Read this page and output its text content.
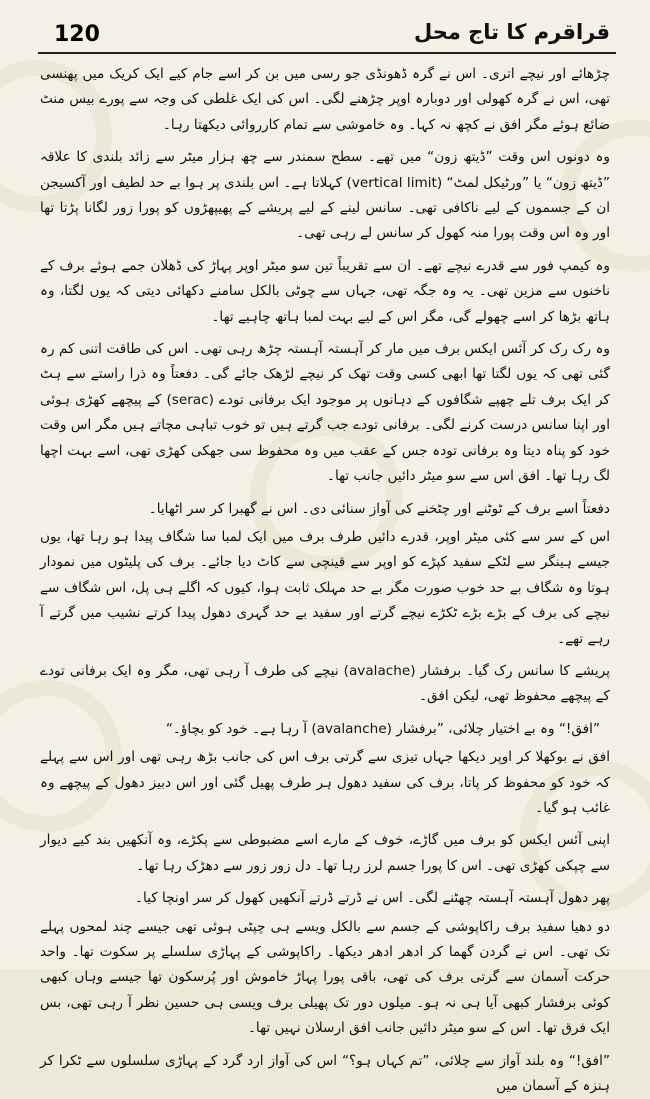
120	قراقرم کا تاج محل

چڑھائے اور نیچے اتری۔ اس نے گرہ ڈھونڈی جو رسی میں بن کر اسے جام کیے ایک کریک میں پھنسی تھی، اس نے گرہ کھولی اور دوبارہ اوپر چڑھنے لگی۔ اس کی ایک غلطی کی وجہ سے پورے بیس منٹ ضائع ہوئے مگر افق نے کچھ نہ کہا۔ وہ خاموشی سے تمام کارروائی دیکھتا رہا۔

وہ دونوں اس وقت ”ڈیتھ زون“ میں تھے۔ سطح سمندر سے چھ ہزار میٹر سے زائد بلندی کا علاقہ ”ڈیتھ زون“ یا ”ورٹیکل لمٹ“ (vertical limit) کہلاتا ہے۔ اس بلندی پر ہوا بے حد لطیف اور آکسیجن ان کے جسموں کے لیے ناکافی تھی۔ سانس لینے کے لیے پریشے کے پھیپھڑوں کو پورا زور لگانا پڑتا تھا اور وہ اس وقت پورا منہ کھول کر سانس لے رہی تھی۔

وہ کیمپ فور سے قدرے نیچے تھے۔ ان سے تقریباً تین سو میٹر اوپر پہاڑ کی ڈھلان جمے ہوئے برف کے ناخنوں سے مزین تھی۔ یہ وہ جگہ تھی، جہاں سے چوٹی بالکل سامنے دکھائی دیتی کہ یوں لگتا، وہ ہاتھ بڑھا کر اسے چھولے گی، مگر اس کے لیے بہت لمبا ہاتھ چاہیے تھا۔

وہ رک رک کر آئس ایکس برف میں مار کر آہستہ آہستہ چڑھ رہی تھی۔ اس کی طاقت اتنی کم رہ گئی تھی کہ یوں لگتا تھا ابھی کسی وقت تھک کر نیچے لڑھک جائے گی۔ دفعتاً وہ ذرا راستے سے ہٹ کر ایک برف تلے چھپے شگافوں کے دہانوں پر موجود ایک برفانی تودے (serac) کے پیچھے کھڑی ہوئی اور اپنا سانس درست کرنے لگی۔ برفانی تودے جب گرتے ہیں تو خوب تباہی مچاتے ہیں مگر اس وقت خود کو پناہ دیتا وہ برفانی تودہ جس کے عقب میں وہ محفوظ سی جھکی کھڑی تھی، اسے بہت اچھا لگ رہا تھا۔ افق اس سے سو میٹر دائیں جانب تھا۔

دفعتاً اسے برف کے ٹوٹنے اور چٹخنے کی آواز سنائی دی۔ اس نے گھبرا کر سر اٹھایا۔

اس کے سر سے کئی میٹر اوپر، قدرے دائیں طرف برف میں ایک لمبا سا شگاف پیدا ہو رہا تھا، یوں جیسے ہینگر سے لٹکے سفید کپڑے کو اوپر سے قینچی سے کاٹ دیا جائے۔ برف کی پلیٹوں میں نمودار ہوتا وہ شگاف بے حد خوب صورت مگر بے حد مہلک ثابت ہوا، کیوں کہ اگلے ہی پل، اس شگاف سے نیچے کی برف کے بڑے بڑے ٹکڑے نیچے گرتے اور سفید بے حد گہری دھول پیدا کرتے نشیب میں گرتے آ رہے تھے۔

پریشے کا سانس رک گیا۔ برفشار (avalache) نیچے کی طرف آ رہی تھی، مگر وہ ایک برفانی تودے کے پیچھے محفوظ تھی، لیکن افق۔

”افق!“ وہ بے اختیار چلائی، ”برفشار (avalanche) آ رہا ہے۔ خود کو بچاؤ۔“

افق نے بوکھلا کر اوپر دیکھا جہاں تیزی سے گرتی برف اس کی جانب بڑھ رہی تھی اور اس سے پہلے کہ خود کو محفوظ کر پاتا، برف کی سفید دھول ہر طرف پھیل گئی اور اس دبیز دھول کے پیچھے وہ غائب ہو گیا۔

اپنی آئس ایکس کو برف میں گاڑے، خوف کے مارے اسے مضبوطی سے پکڑے، وہ آنکھیں بند کیے دیوار سے چپکی کھڑی تھی۔ اس کا پورا جسم لرز رہا تھا۔ دل زور زور سے دھڑک رہا تھا۔

پھر دھول آہستہ آہستہ چھٹنے لگی۔ اس نے ڈرتے ڈرتے آنکھیں کھول کر سر اونچا کیا۔

دو دھیا سفید برف راکاپوشی کے جسم سے بالکل ویسے ہی چپٹی ہوئی تھی جیسے چند لمحوں پہلے تک تھی۔ اس نے گردن گھما کر ادھر ادھر دیکھا۔ راکاپوشی کے پہاڑی سلسلے پر سکوت تھا۔ واحد حرکت آسمان سے گرتی برف کی تھی، باقی پورا پہاڑ خاموش اور پُرسکون تھا جیسے وہاں کبھی کوئی برفشار کبھی آیا ہی نہ ہو۔ میلوں دور تک پھیلی برف ویسی ہی حسین نظر آ رہی تھی، بس ایک فرق تھا۔ اس کے سو میٹر دائیں جانب افق ارسلان نہیں تھا۔

”افق!“ وہ بلند آواز سے چلائی، ”تم کہاں ہو؟“ اس کی آواز ارد گرد کے پہاڑی سلسلوں سے ٹکرا کر ہنزہ کے آسمان میں
